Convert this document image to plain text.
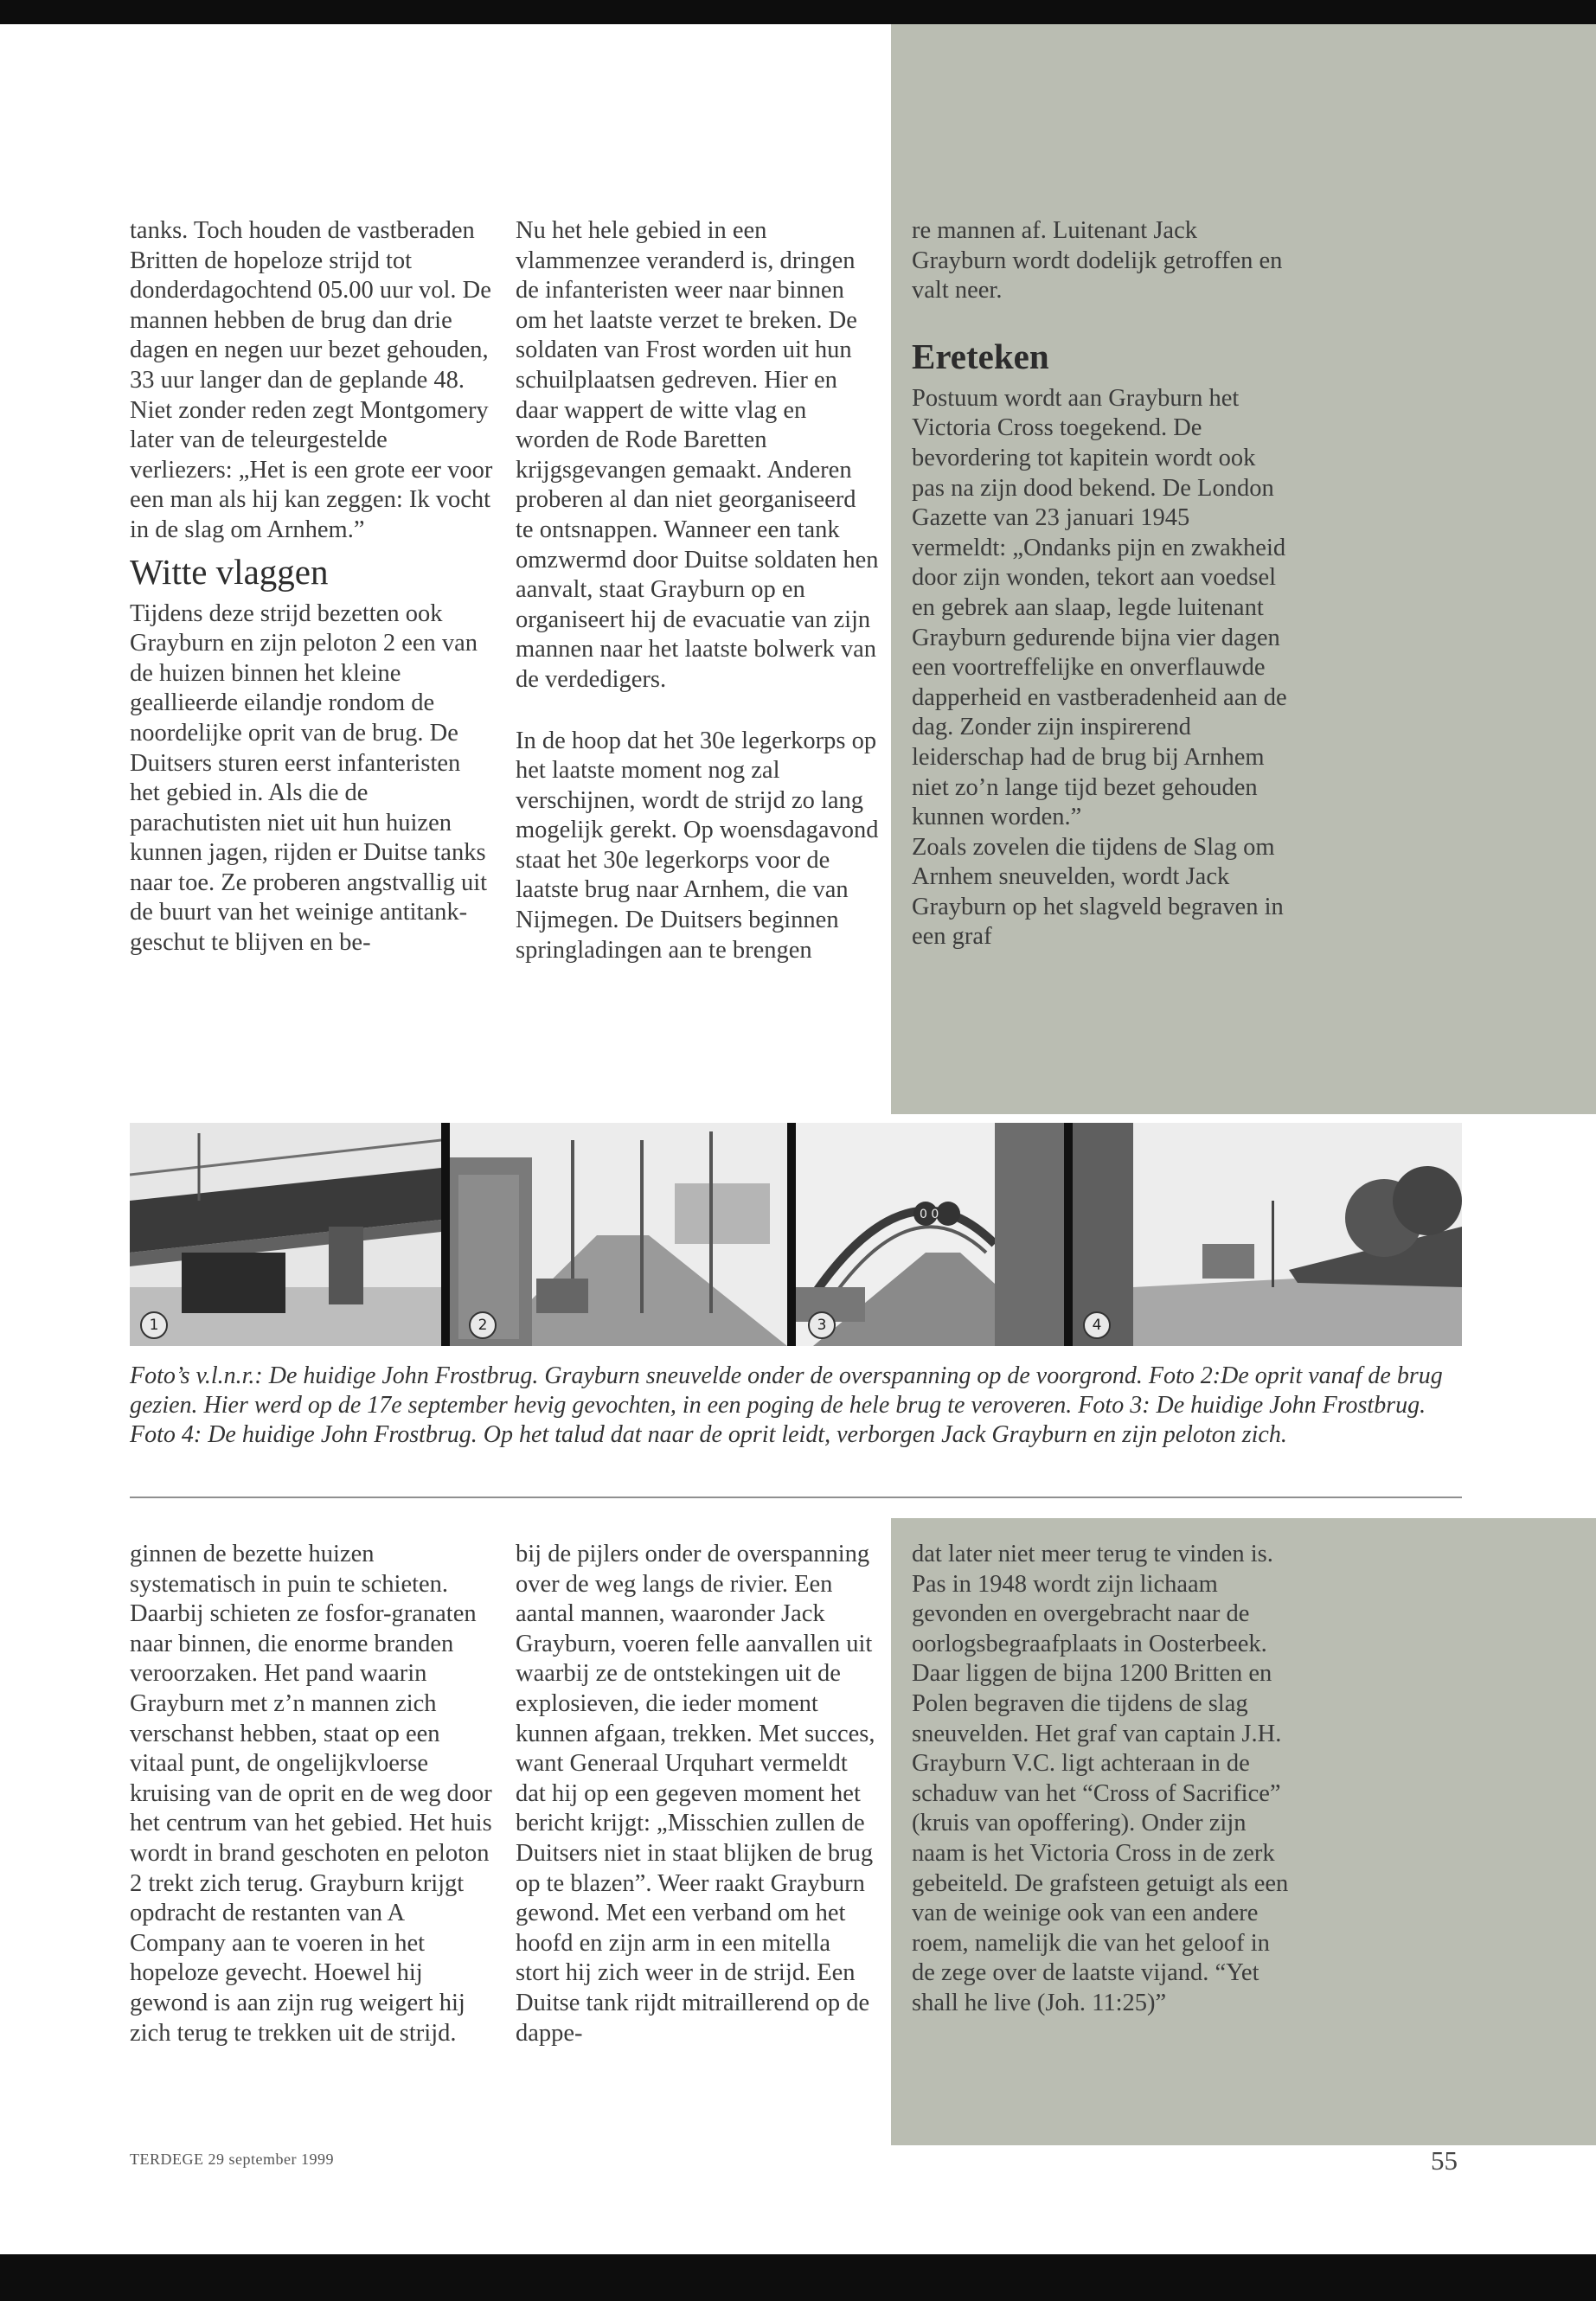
tanks. Toch houden de vastberaden Britten de hopeloze strijd tot donderdagochtend 05.00 uur vol. De mannen hebben de brug dan drie dagen en negen uur bezet gehouden, 33 uur langer dan de geplande 48. Niet zonder reden zegt Montgomery later van de teleurgestelde verliezers: „Het is een grote eer voor een man als hij kan zeggen: Ik vocht in de slag om Arnhem.”

Witte vlaggen

Tijdens deze strijd bezetten ook Grayburn en zijn peloton 2 een van de huizen binnen het kleine geallieerde eilandje rondom de noordelijke oprit van de brug. De Duitsers sturen eerst infanteristen het gebied in. Als die de parachutisten niet uit hun huizen kunnen jagen, rijden er Duitse tanks naar toe. Ze proberen angstvallig uit de buurt van het weinige antitank-geschut te blijven en be-

Nu het hele gebied in een vlammenzee veranderd is, dringen de infanteristen weer naar binnen om het laatste verzet te breken. De soldaten van Frost worden uit hun schuilplaatsen gedreven. Hier en daar wappert de witte vlag en worden de Rode Baretten krijgsgevangen gemaakt. Anderen proberen al dan niet georganiseerd te ontsnappen. Wanneer een tank omzwermd door Duitse soldaten hen aanvalt, staat Grayburn op en organiseert hij de evacuatie van zijn mannen naar het laatste bolwerk van de verdedigers.

In de hoop dat het 30e legerkorps op het laatste moment nog zal verschijnen, wordt de strijd zo lang mogelijk gerekt. Op woensdagavond staat het 30e legerkorps voor de laatste brug naar Arnhem, die van Nijmegen. De Duitsers beginnen springladingen aan te brengen

re mannen af. Luitenant Jack Grayburn wordt dodelijk getroffen en valt neer.

Ereteken

Postuum wordt aan Grayburn het Victoria Cross toegekend. De bevordering tot kapitein wordt ook pas na zijn dood bekend. De London Gazette van 23 januari 1945 vermeldt: „Ondanks pijn en zwakheid door zijn wonden, tekort aan voedsel en gebrek aan slaap, legde luitenant Grayburn gedurende bijna vier dagen een voortreffelijke en onverflauwde dapperheid en vastberadenheid aan de dag. Zonder zijn inspirerend leiderschap had de brug bij Arnhem niet zo’n lange tijd bezet gehouden kunnen worden.”

Zoals zovelen die tijdens de Slag om Arnhem sneuvelden, wordt Jack Grayburn op het slagveld begraven in een graf

1	2
0 0
3	4
Foto’s v.l.n.r.: De huidige John Frostbrug. Grayburn sneuvelde onder de overspanning op de voorgrond. Foto 2:De oprit vanaf de brug gezien. Hier werd op de 17e september hevig gevochten, in een poging de hele brug te veroveren. Foto 3: De huidige John Frostbrug. Foto 4: De huidige John Frostbrug. Op het talud dat naar de oprit leidt, verborgen Jack Grayburn en zijn peloton zich.

ginnen de bezette huizen systematisch in puin te schieten. Daarbij schieten ze fosfor-granaten naar binnen, die enorme branden veroorzaken. Het pand waarin Grayburn met z’n mannen zich verschanst hebben, staat op een vitaal punt, de ongelijkvloerse kruising van de oprit en de weg door het centrum van het gebied. Het huis wordt in brand geschoten en peloton 2 trekt zich terug. Grayburn krijgt opdracht de restanten van A Company aan te voeren in het hopeloze gevecht. Hoewel hij gewond is aan zijn rug weigert hij zich terug te trekken uit de strijd.

bij de pijlers onder de overspanning over de weg langs de rivier. Een aantal mannen, waaronder Jack Grayburn, voeren felle aanvallen uit waarbij ze de ontstekingen uit de explosieven, die ieder moment kunnen afgaan, trekken. Met succes, want Generaal Urquhart vermeldt dat hij op een gegeven moment het bericht krijgt: „Misschien zullen de Duitsers niet in staat blijken de brug op te blazen”. Weer raakt Grayburn gewond. Met een verband om het hoofd en zijn arm in een mitella stort hij zich weer in de strijd. Een Duitse tank rijdt mitraillerend op de dappe-

dat later niet meer terug te vinden is. Pas in 1948 wordt zijn lichaam gevonden en overgebracht naar de oorlogsbegraafplaats in Oosterbeek. Daar liggen de bijna 1200 Britten en Polen begraven die tijdens de slag sneuvelden. Het graf van captain J.H. Grayburn V.C. ligt achteraan in de schaduw van het “Cross of Sacrifice” (kruis van opoffering). Onder zijn naam is het Victoria Cross in de zerk gebeiteld. De grafsteen getuigt als een van de weinige ook van een andere roem, namelijk die van het geloof in de zege over de laatste vijand. “Yet shall he live (Joh. 11:25)”

TERDEGE 29 september 1999	55
